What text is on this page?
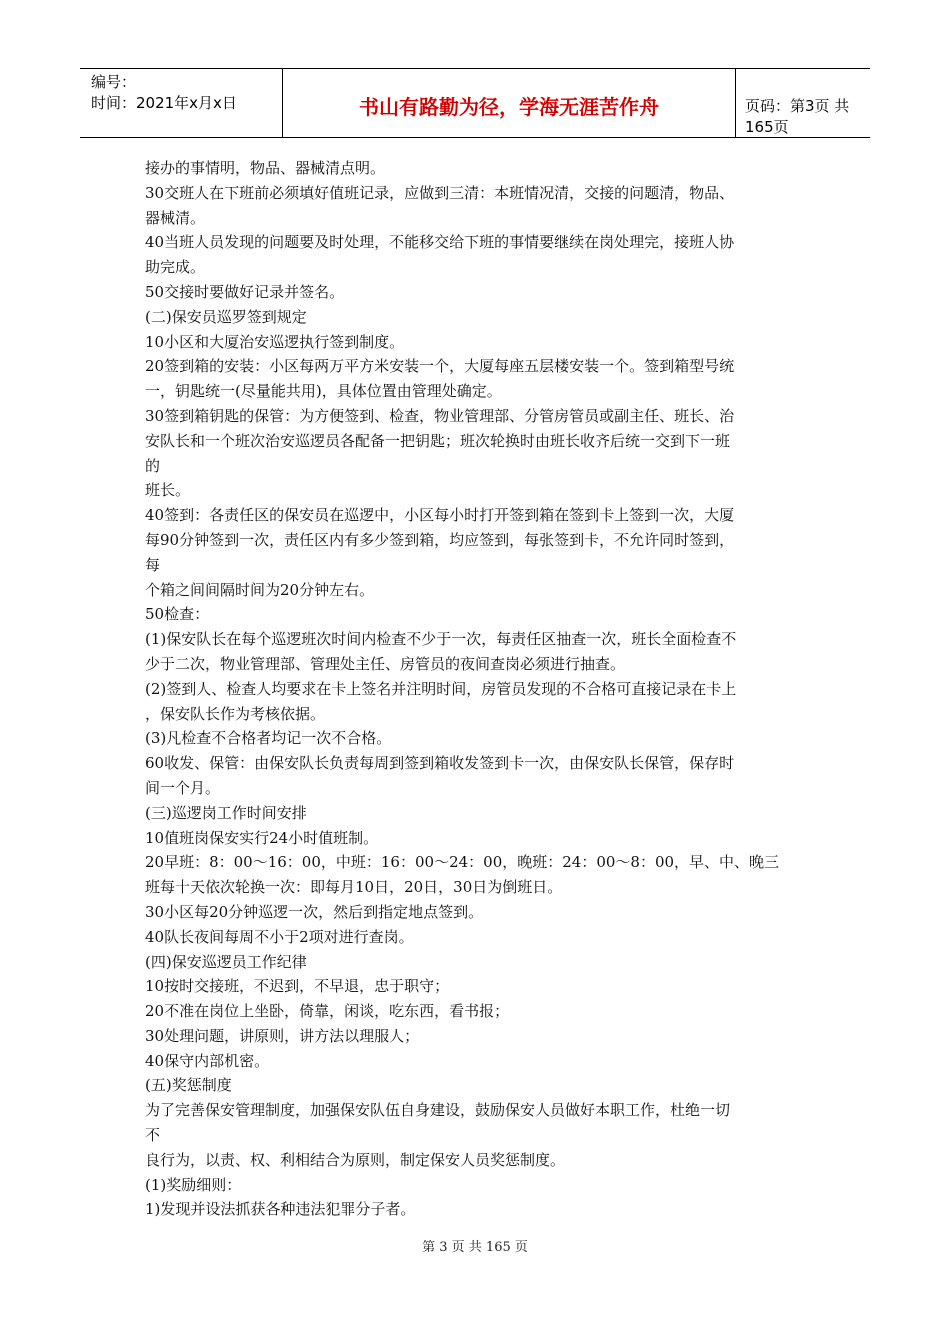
编号：
时间：2021年x月x日	书山有路勤为径，学海无涯苦作舟	页码：第3页 共165页

接办的事情明，物品、器械清点明。

30交班人在下班前必须填好值班记录，应做到三清：本班情况清，交接的问题清，物品、

器械清。

40当班人员发现的问题要及时处理，不能移交给下班的事情要继续在岗处理完，接班人协

助完成。

50交接时要做好记录并签名。

(二)保安员巡罗签到规定

10小区和大厦治安巡逻执行签到制度。

20签到箱的安装：小区每两万平方米安装一个，大厦每座五层楼安装一个。签到箱型号统

一，钥匙统一(尽量能共用)，具体位置由管理处确定。

30签到箱钥匙的保管：为方便签到、检查，物业管理部、分管房管员或副主任、班长、治

安队长和一个班次治安巡逻员各配备一把钥匙；班次轮换时由班长收齐后统一交到下一班

的

班长。

40签到：各责任区的保安员在巡逻中，小区每小时打开签到箱在签到卡上签到一次，大厦

每90分钟签到一次，责任区内有多少签到箱，均应签到，每张签到卡，不允许同时签到，

每

个箱之间间隔时间为20分钟左右。

50检查：

(1)保安队长在每个巡逻班次时间内检查不少于一次，每责任区抽查一次，班长全面检查不

少于二次，物业管理部、管理处主任、房管员的夜间查岗必须进行抽查。

(2)签到人、检查人均要求在卡上签名并注明时间，房管员发现的不合格可直接记录在卡上

，保安队长作为考核依据。

(3)凡检查不合格者均记一次不合格。

60收发、保管：由保安队长负责每周到签到箱收发签到卡一次，由保安队长保管，保存时

间一个月。

(三)巡逻岗工作时间安排

10值班岗保安实行24小时值班制。

20早班：8：00～16：00，中班：16：00～24：00，晚班：24：00～8：00，早、中、晚三

班每十天依次轮换一次：即每月10日，20日，30日为倒班日。

30小区每20分钟巡逻一次，然后到指定地点签到。

40队长夜间每周不小于2项对进行查岗。

(四)保安巡逻员工作纪律

10按时交接班，不迟到，不早退，忠于职守；

20不准在岗位上坐卧，倚靠，闲谈，吃东西，看书报；

30处理问题，讲原则，讲方法以理服人；

40保守内部机密。

(五)奖惩制度

为了完善保安管理制度，加强保安队伍自身建设，鼓励保安人员做好本职工作，杜绝一切

不

良行为，以责、权、利相结合为原则，制定保安人员奖惩制度。

(1)奖励细则：

1)发现并设法抓获各种违法犯罪分子者。

第 3 页 共 165 页
